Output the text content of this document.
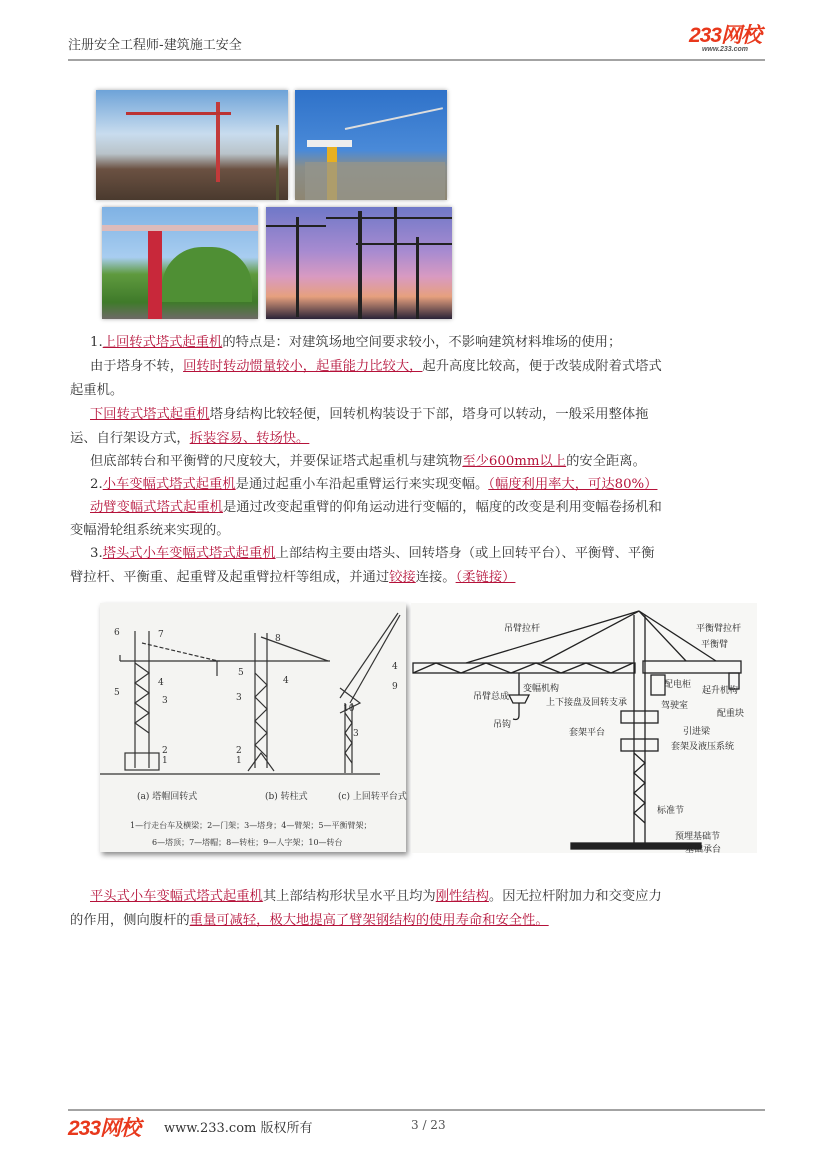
注册安全工程师-建筑施工安全	233网校
www.233.com
1.上回转式塔式起重机的特点是：对建筑场地空间要求较小，不影响建筑材料堆场的使用；
由于塔身不转，回转时转动惯量较小，起重能力比较大，起升高度比较高，便于改装成附着式塔式
起重机。
下回转式塔式起重机塔身结构比较轻便，回转机构装设于下部，塔身可以转动，一般采用整体拖
运、自行架设方式，拆装容易、转场快。
但底部转台和平衡臂的尺度较大，并要保证塔式起重机与建筑物至少600mm以上的安全距离。
2.小车变幅式塔式起重机是通过起重小车沿起重臂运行来实现变幅。（幅度利用率大，可达80%）
动臂变幅式塔式起重机是通过改变起重臂的仰角运动进行变幅的，幅度的改变是利用变幅卷扬机和
变幅滑轮组系统来实现的。
3.塔头式小车变幅式塔式起重机上部结构主要由塔头、回转塔身（或上回转平台）、平衡臂、平衡
臂拉杆、平衡重、起重臂及起重臂拉杆等组成，并通过铰接连接。（柔链接）
平头式小车变幅式塔式起重机其上部结构形状呈水平且均为刚性结构。因无拉杆附加力和交变应力
的作用，侧向腹杆的重量可减轻，极大地提高了臂架钢结构的使用寿命和安全性。
6	7
4
3
5
2
1
8
4
5
3
2
1
4
9
10
3
(a) 塔帽回转式	(b) 转柱式	(c) 上回转平台式
1—行走台车及横梁；2—门架；3—塔身；4—臂架；5—平衡臂架；
6—塔顶；7—塔帽；8—转柱；9—人字架；10—转台
吊臂拉杆	平衡臂拉杆
平衡臂
配电柜
起升机构
配重块
吊臂总成
变幅机构
上下接盘及回转支承	驾驶室
吊钩
套架平台	引进梁
套架及液压系统
标准节
预埋基础节
基础承台
233网校 www.233.com 版权所有	3 / 23
